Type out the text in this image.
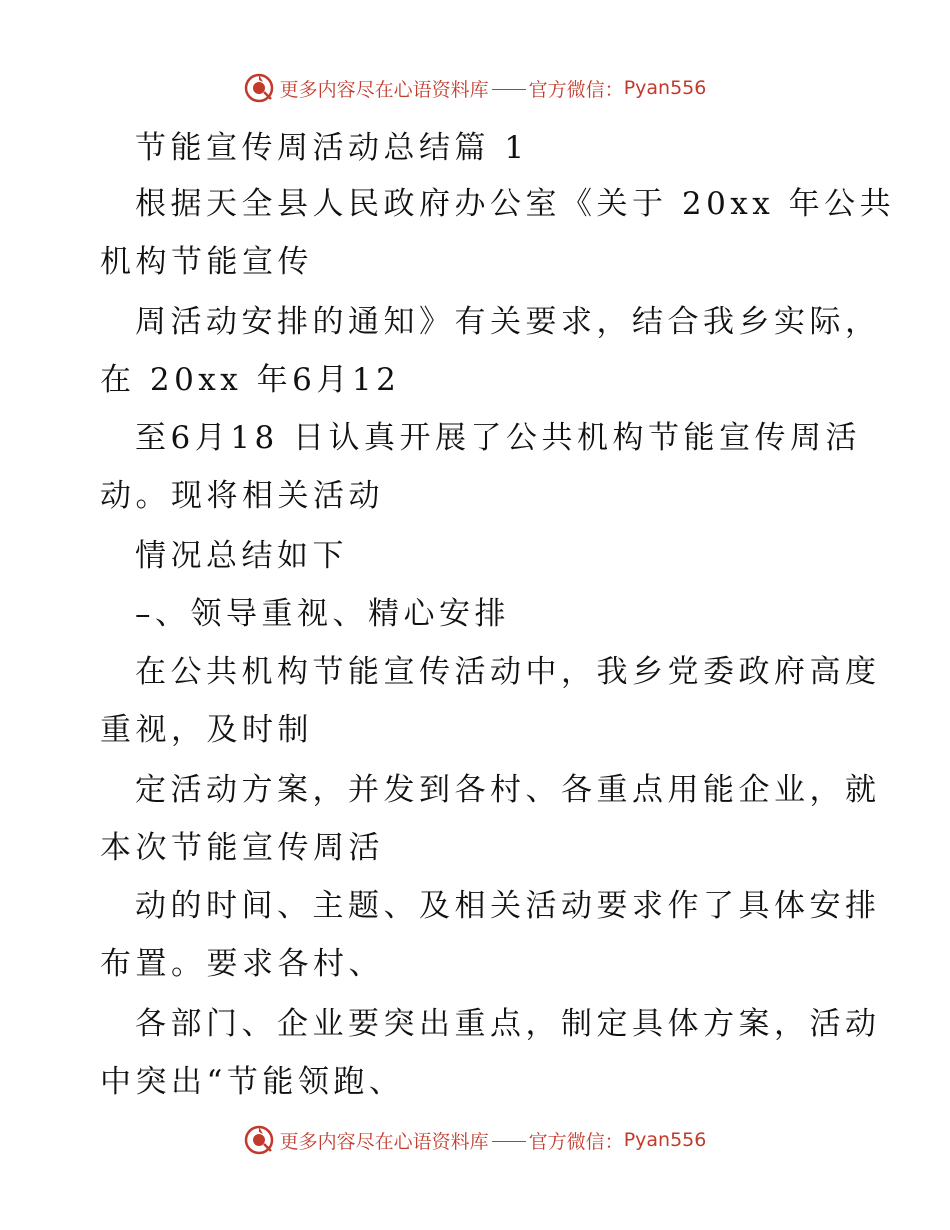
更多内容尽在心语资料库 官方微信： Pyan556
节能宣传周活动总结篇 1
根据天全县人民政府办公室《关于 20xx 年公共
机构节能宣传
周活动安排的通知》有关要求，结合我乡实际，
在 20xx 年6月12
至6月18 日认真开展了公共机构节能宣传周活
动。现将相关活动
情况总结如下
–、领导重视、精心安排
在公共机构节能宣传活动中，我乡党委政府高度
重视，及时制
定活动方案，并发到各村、各重点用能企业，就
本次节能宣传周活
动的时间、主题、及相关活动要求作了具体安排
布置。要求各村、
各部门、企业要突出重点，制定具体方案，活动
中突出“节能领跑、
更多内容尽在心语资料库 官方微信： Pyan556
